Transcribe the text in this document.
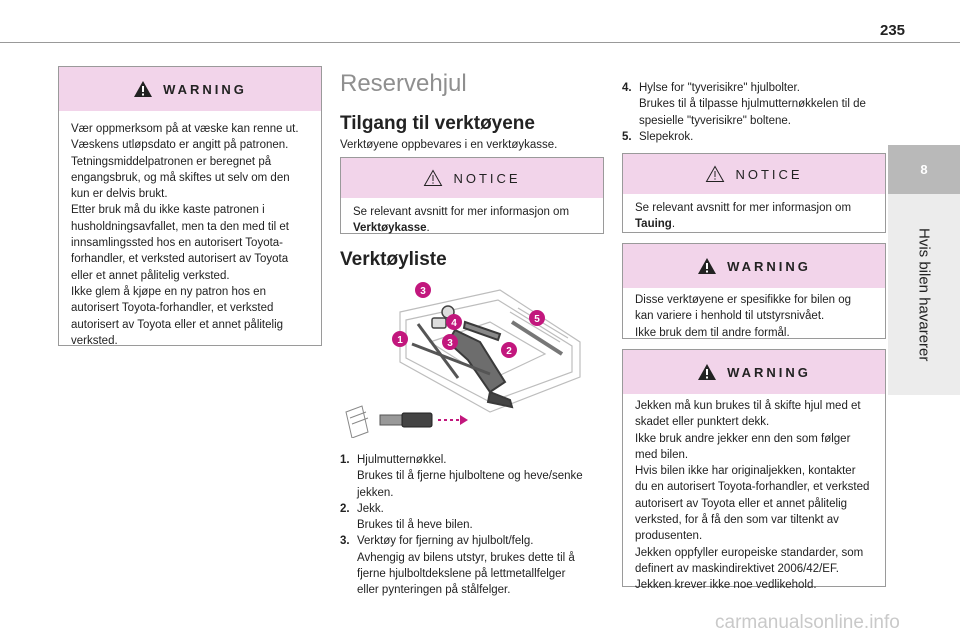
235
8
Hvis bilen havarerer
WARNING

Vær oppmerksom på at væske kan renne ut.

Væskens utløpsdato er angitt på patronen.

Tetningsmiddelpatronen er beregnet på

engangsbruk, og må skiftes ut selv om den

kun er delvis brukt.

Etter bruk må du ikke kaste patronen i

husholdningsavfallet, men ta den med til et

innsamlingssted hos en autorisert Toyota-

forhandler, et verksted autorisert av Toyota

eller et annet pålitelig verksted.

Ikke glem å kjøpe en ny patron hos en

autorisert Toyota-forhandler, et verksted

autorisert av Toyota eller et annet pålitelig

verksted.

Reservehjul
Tilgang til verktøyene
Verktøyene oppbevares i en verktøykasse.
NOTICE

Se relevant avsnitt for mer informasjon om

Verktøykasse.

Verktøyliste
3
4	5
1	3
2
1. Hjulmutternøkkel.

Brukes til å fjerne hjulboltene og heve/senke

jekken.

2. Jekk.

Brukes til å heve bilen.

3. Verktøy for fjerning av hjulbolt/felg.

Avhengig av bilens utstyr, brukes dette til å

fjerne hjulboltdekslene på lettmetallfelger

eller pynteringen på stålfelger.

4. Hylse for "tyverisikre" hjulbolter.

Brukes til å tilpasse hjulmutternøkkelen til de

spesielle "tyverisikre" boltene.

5. Slepekrok.

NOTICE

Se relevant avsnitt for mer informasjon om

Tauing.

WARNING

Disse verktøyene er spesifikke for bilen og

kan variere i henhold til utstyrsnivået.

Ikke bruk dem til andre formål.

WARNING

Jekken må kun brukes til å skifte hjul med et

skadet eller punktert dekk.

Ikke bruk andre jekker enn den som følger

med bilen.

Hvis bilen ikke har originaljekken, kontakter

du en autorisert Toyota-forhandler, et verksted

autorisert av Toyota eller et annet pålitelig

verksted, for å få den som var tiltenkt av

produsenten.

Jekken oppfyller europeiske standarder, som

definert av maskindirektivet 2006/42/EF.

Jekken krever ikke noe vedlikehold.

carmanualsonline.info
